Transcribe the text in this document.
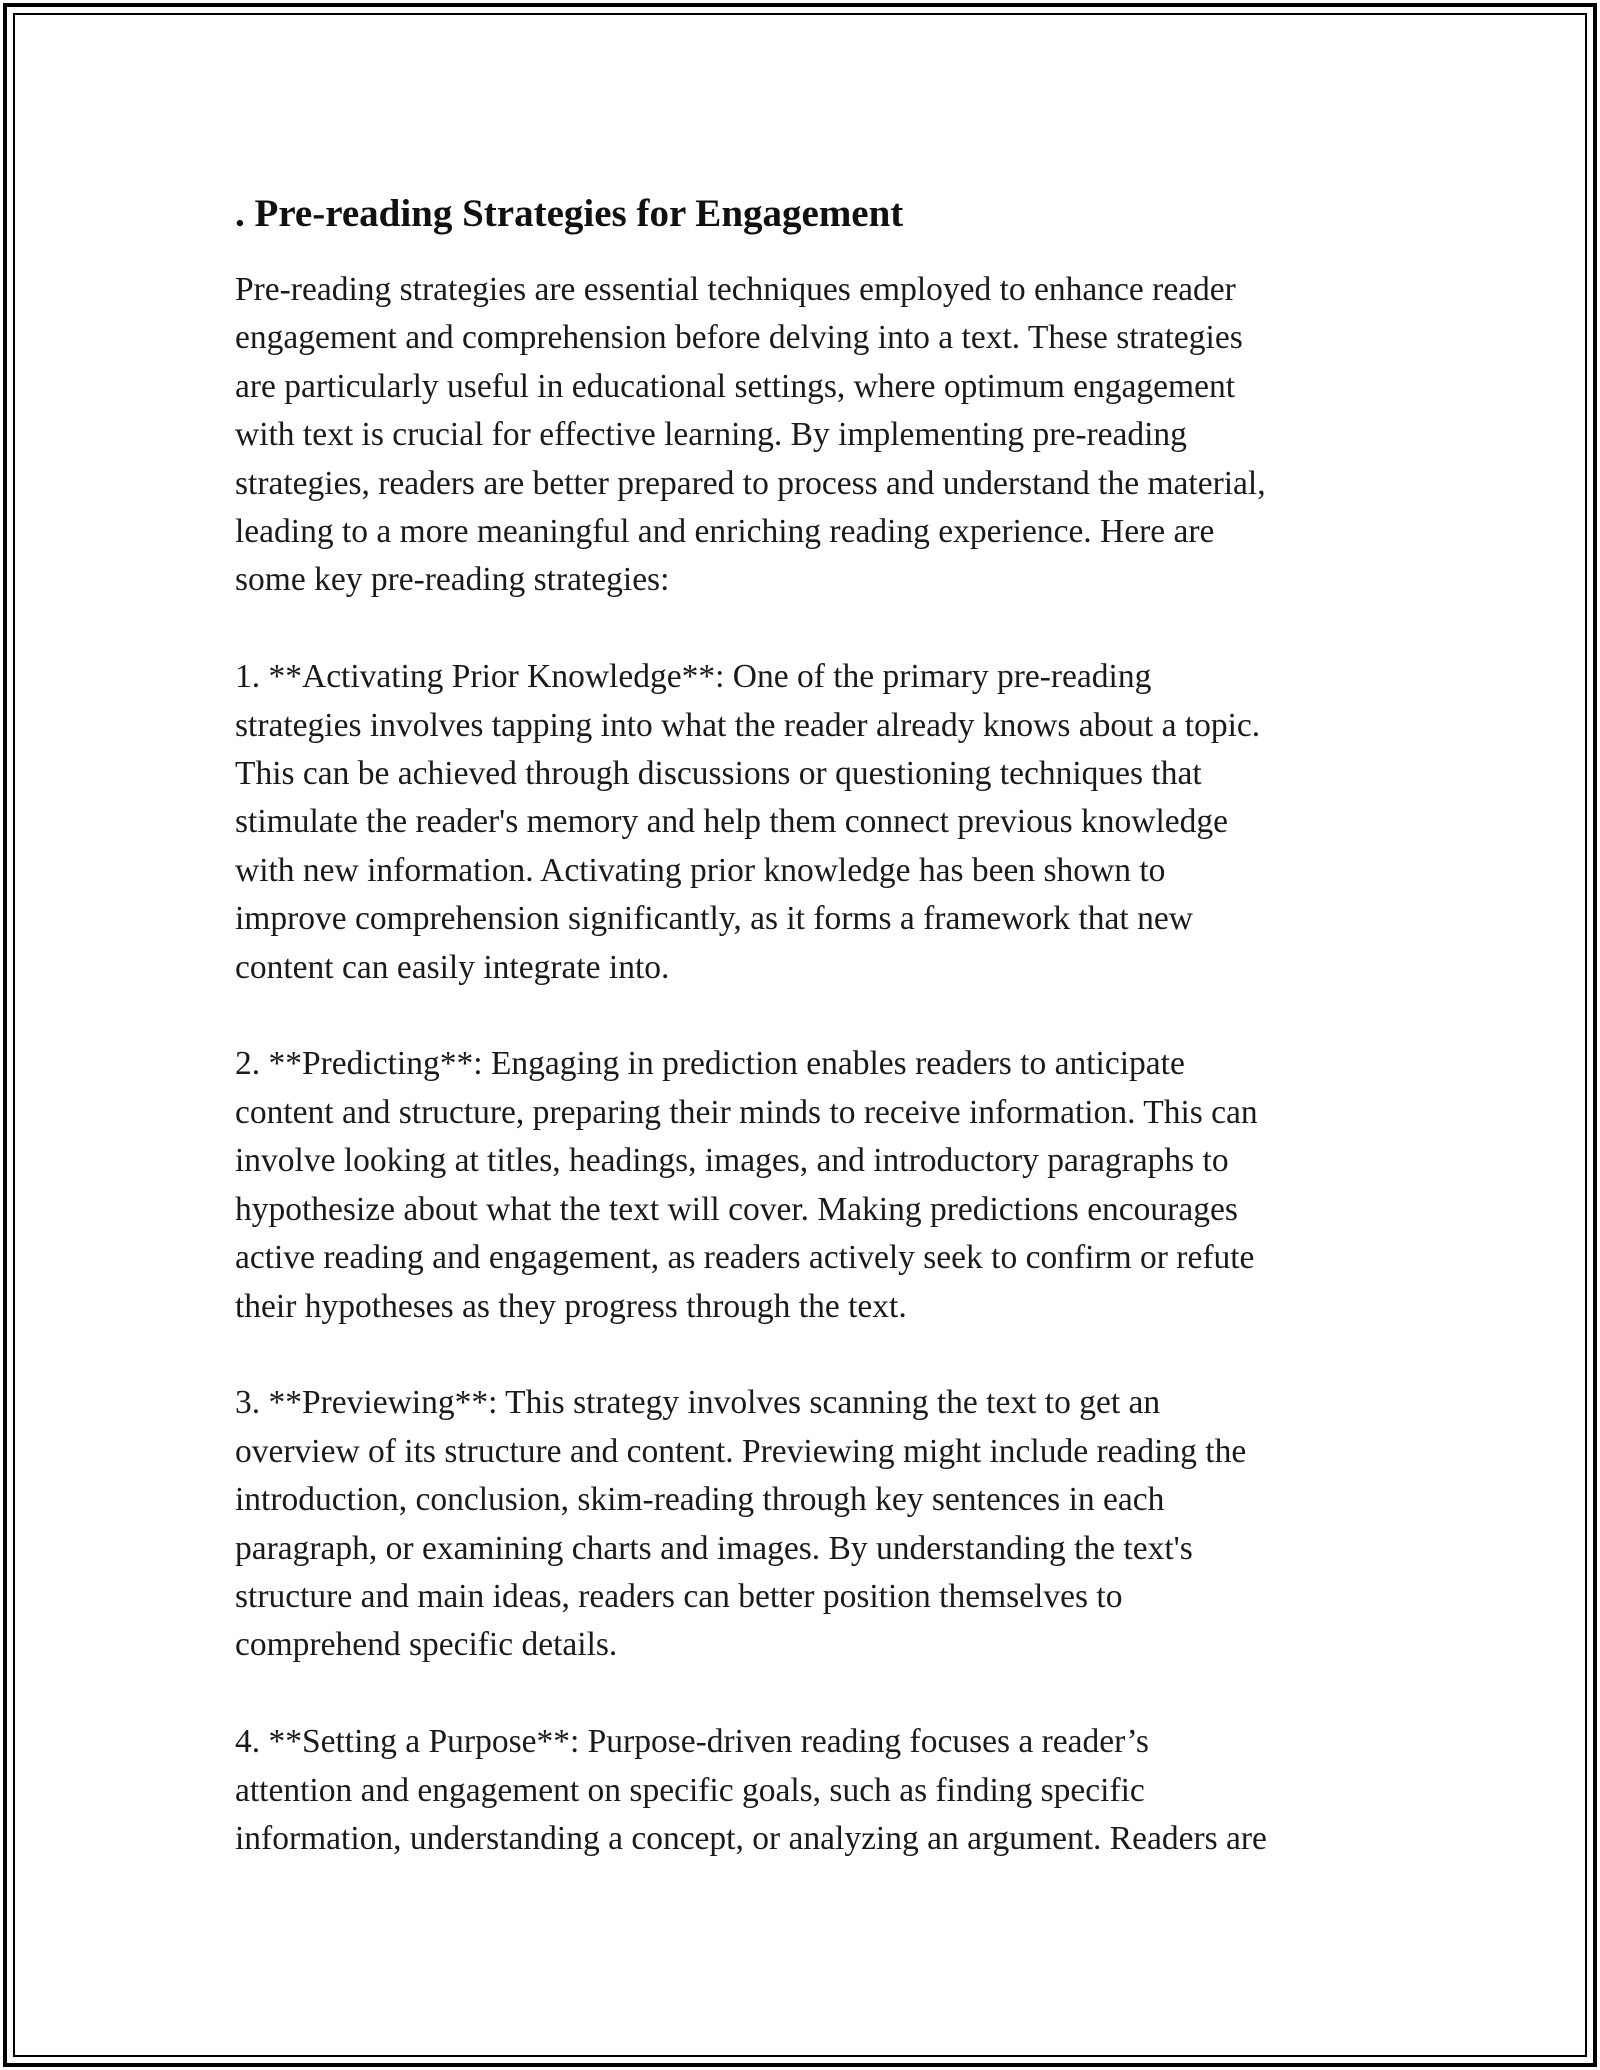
. Pre-reading Strategies for Engagement

Pre-reading strategies are essential techniques employed to enhance reader
engagement and comprehension before delving into a text. These strategies
are particularly useful in educational settings, where optimum engagement
with text is crucial for effective learning. By implementing pre-reading
strategies, readers are better prepared to process and understand the material,
leading to a more meaningful and enriching reading experience. Here are
some key pre-reading strategies:

1. **Activating Prior Knowledge**: One of the primary pre-reading
strategies involves tapping into what the reader already knows about a topic.
This can be achieved through discussions or questioning techniques that
stimulate the reader's memory and help them connect previous knowledge
with new information. Activating prior knowledge has been shown to
improve comprehension significantly, as it forms a framework that new
content can easily integrate into.

2. **Predicting**: Engaging in prediction enables readers to anticipate
content and structure, preparing their minds to receive information. This can
involve looking at titles, headings, images, and introductory paragraphs to
hypothesize about what the text will cover. Making predictions encourages
active reading and engagement, as readers actively seek to confirm or refute
their hypotheses as they progress through the text.

3. **Previewing**: This strategy involves scanning the text to get an
overview of its structure and content. Previewing might include reading the
introduction, conclusion, skim-reading through key sentences in each
paragraph, or examining charts and images. By understanding the text's
structure and main ideas, readers can better position themselves to
comprehend specific details.

4. **Setting a Purpose**: Purpose-driven reading focuses a reader’s
attention and engagement on specific goals, such as finding specific
information, understanding a concept, or analyzing an argument. Readers are
